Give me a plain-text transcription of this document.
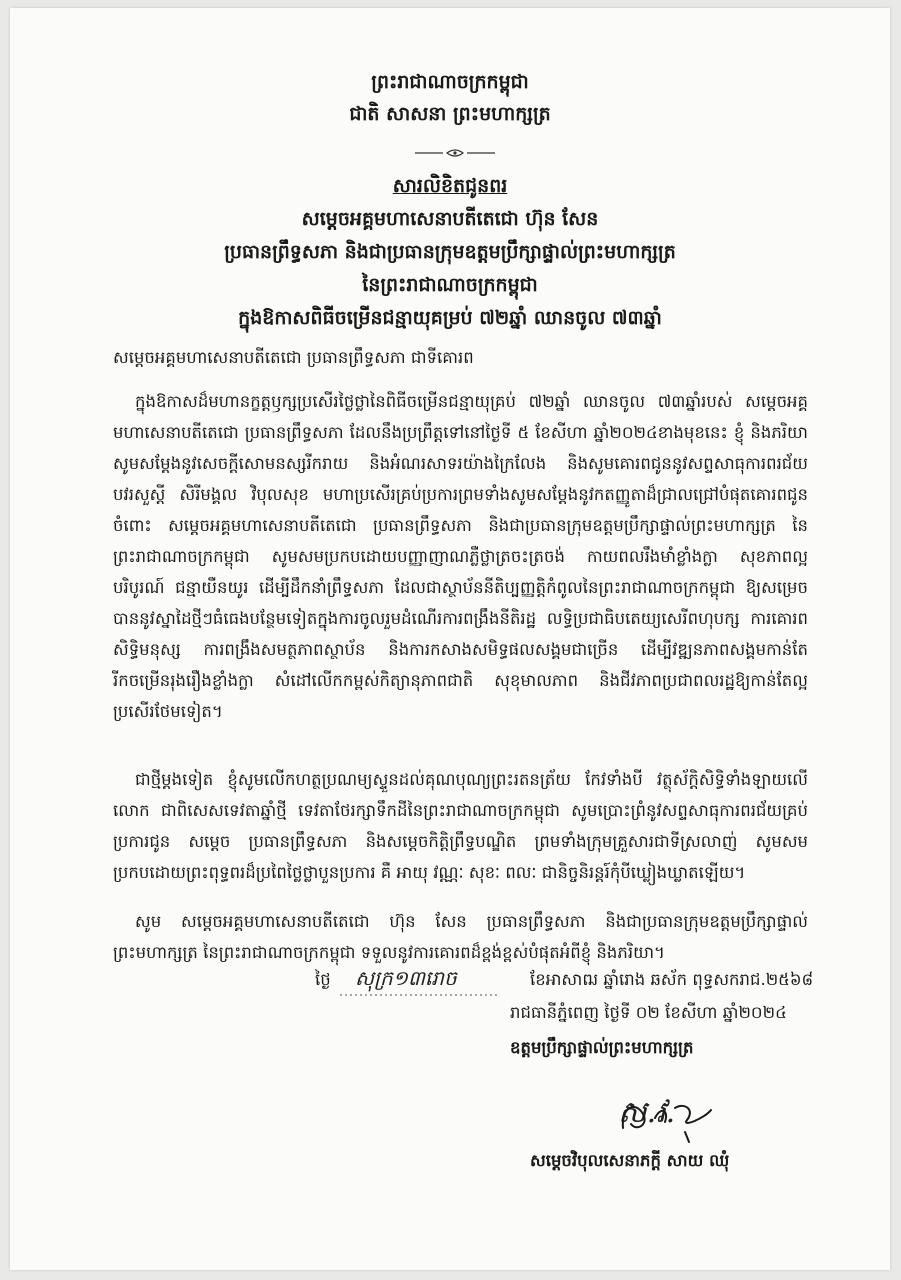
ព្រះរាជាណាចក្រកម្ពុជា
ជាតិ សាសនា ព្រះមហាក្សត្រ
សារលិខិតជូនពរ
សម្តេចអគ្គមហាសេនាបតីតេជោ ហ៊ុន សែន
ប្រធានព្រឹទ្ធសភា និងជាប្រធានក្រុមឧត្តមប្រឹក្សាផ្ទាល់ព្រះមហាក្សត្រ
នៃព្រះរាជាណាចក្រកម្ពុជា
ក្នុងឱកាសពិធីចម្រើនជន្មាយុគម្រប់ ៧២ឆ្នាំ ឈានចូល ៧៣ឆ្នាំ
សម្តេចអគ្គមហាសេនាបតីតេជោ ប្រធានព្រឹទ្ធសភា ជាទីគោរព
ក្នុងឱកាសដ៏មហានក្ខត្តឫក្សប្រសើរថ្លៃថ្លានៃពិធីចម្រើនជន្មាយុគ្រប់ ៧២ឆ្នាំ ឈានចូល ៧៣ឆ្នាំរបស់ សម្តេចអគ្គមហាសេនាបតីតេជោ ប្រធានព្រឹទ្ធសភា ដែលនឹងប្រព្រឹត្តទៅនៅថ្ងៃទី ៥ ខែសីហា ឆ្នាំ២០២៤ខាងមុខនេះ ខ្ញុំ និងភរិយា សូមសម្តែងនូវសេចក្តីសោមនស្សរីករាយ និងអំណរសាទរយ៉ាងក្រៃលែង និងសូមគោរពជូននូវសព្ទសាធុការពរជ័យ បវរសួស្តី សិរីមង្គល វិបុលសុខ មហាប្រសើរគ្រប់ប្រការព្រមទាំងសូមសម្តែងនូវកតញ្ញូតាដ៏ជ្រាលជ្រៅបំផុតគោរពជូនចំពោះ សម្តេចអគ្គមហាសេនាបតីតេជោ ប្រធានព្រឹទ្ធសភា និងជាប្រធានក្រុមឧត្តមប្រឹក្សាផ្ទាល់ព្រះមហាក្សត្រ នៃព្រះរាជាណាចក្រកម្ពុជា សូមសមប្រកបដោយបញ្ញាញាណភ្លឺថ្លាត្រចះត្រចង់ កាយពលរឹងមាំខ្លាំងក្លា សុខភាពល្អបរិបូរណ៍ ជន្មាយឺនយូរ ដើម្បីដឹកនាំព្រឹទ្ធសភា ដែលជាស្ថាប័ននីតិប្បញ្ញត្តិកំពូលនៃព្រះរាជាណាចក្រកម្ពុជា ឱ្យសម្រេចបាននូវស្នាដៃថ្មីៗធំធេងបន្ថែមទៀតក្នុងការចូលរួមដំណើរការពង្រឹងនីតិរដ្ឋ លទ្ធិប្រជាធិបតេយ្យសេរីពហុបក្ស ការគោរពសិទ្ធិមនុស្ស ការពង្រឹងសមត្ថភាពស្ថាប័ន និងការកសាងសមិទ្ធផលសង្គមជាច្រើន ដើម្បីវឌ្ឍនភាពសង្គមកាន់តែរីកចម្រើនរុងរឿងខ្លាំងក្លា សំដៅលើកកម្ពស់កិត្យានុភាពជាតិ សុខុមាលភាព និងជីវភាពប្រជាពលរដ្ឋឱ្យកាន់តែល្អប្រសើរថែមទៀត។
ជាថ្មីម្តងទៀត ខ្ញុំសូមលើកហត្ថប្រណម្យស្ទួនដល់គុណបុណ្យព្រះរតនត្រ័យ កែវទាំងបី វត្ថុស័ក្តិសិទ្ធិទាំងឡាយលើលោក ជាពិសេសទេវតាឆ្នាំថ្មី ទេវតាថែរក្សាទឹកដីនៃព្រះរាជាណាចក្រកម្ពុជា សូមប្រោះព្រំនូវសព្ទសាធុការពរជ័យគ្រប់ប្រការជូន សម្តេច ប្រធានព្រឹទ្ធសភា និងសម្តេចកិត្តិព្រឹទ្ធបណ្ឌិត ព្រមទាំងក្រុមគ្រួសារជាទីស្រលាញ់ សូមសមប្រកបដោយព្រះពុទ្ធពរដ៏ប្រពៃថ្លៃថ្លាបួនប្រការ គឺ អាយុ វណ្ណៈ សុខៈ ពលៈ ជានិច្ចនិរន្តរ៍កុំបីឃ្លៀងឃ្លាតឡើយ។
សូម សម្តេចអគ្គមហាសេនាបតីតេជោ ហ៊ុន សែន ប្រធានព្រឹទ្ធសភា និងជាប្រធានក្រុមឧត្តមប្រឹក្សាផ្ទាល់ព្រះមហាក្សត្រ នៃព្រះរាជាណាចក្រកម្ពុជា ទទួលនូវការគោរពដ៏ខ្ពង់ខ្ពស់បំផុតអំពីខ្ញុំ និងភរិយា។
ថ្ងៃ សុក្រ១៣រោច	ខែអាសាឍ ឆ្នាំរោង ឆស័ក ពុទ្ធសករាជ.២៥៦៨
រាជធានីភ្នំពេញ ថ្ងៃទី ០២ ខែសីហា ឆ្នាំ២០២៤
ឧត្តមប្រឹក្សាផ្ទាល់ព្រះមហាក្សត្រ
ស.វ.
សម្តេចវិបុលសេនាភក្តី សាយ ឈុំ
